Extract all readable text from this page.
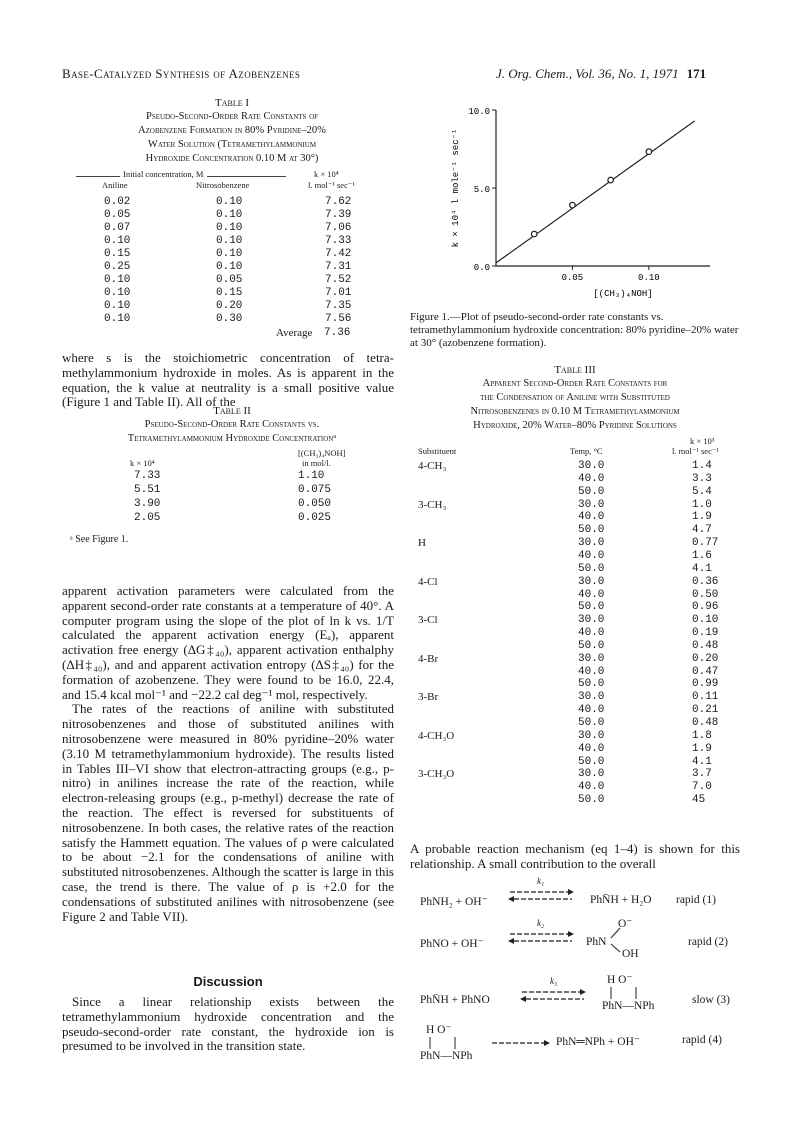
Base-Catalyzed Synthesis of Azobenzenes	J. Org. Chem., Vol. 36, No. 1, 1971 171
Table I
Pseudo-Second-Order Rate Constants of
Azobenzene Formation in 80% Pyridine–20%
Water Solution (Tetramethylammonium
Hydroxide Concentration 0.10 M at 30°)
Initial concentration, M	k × 10⁴
Aniline	Nitrosobenzene	l. mol⁻¹ sec⁻¹
0.02	0.10	7.62
0.05	0.10	7.39
0.07	0.10	7.06
0.10	0.10	7.33
0.15	0.10	7.42
0.25	0.10	7.31
0.10	0.05	7.52
0.10	0.15	7.01
0.10	0.20	7.35
0.10	0.30	7.56
Average 7.36

where s is the stoichiometric concentration of tetramethylammonium hydroxide in moles. As is apparent in the equation, the k value at neutrality is a small positive value (Figure 1 and Table II). All of the

Table II
Pseudo-Second-Order Rate Constants vs.
Tetramethylammonium Hydroxide Concentrationᵃ
[(CH₃)₄NOH]
k × 10⁴	in mol/l.
7.33	1.10
5.51	0.075
3.90	0.050
2.05	0.025
ᵃ See Figure 1.

apparent activation parameters were calculated from the apparent second-order rate constants at a temperature of 40°. A computer program using the slope of the plot of ln k vs. 1/T calculated the apparent activation energy (Eₐ), apparent activation free energy (ΔG‡₄₀), apparent activation enthalphy (ΔH‡₄₀), and and apparent activation entropy (ΔS‡₄₀) for the formation of azobenzene. They were found to be 16.0, 22.4, and 15.4 kcal mol⁻¹ and −22.2 cal deg⁻¹ mol, respectively.

The rates of the reactions of aniline with substituted nitrosobenzenes and those of substituted anilines with nitrosobenzene were measured in 80% pyridine–20% water (3.10 M tetramethylammonium hydroxide). The results listed in Tables III–VI show that electron-attracting groups (e.g., p-nitro) in anilines increase the rate of the reaction, while electron-releasing groups (e.g., p-methyl) decrease the rate of the reaction. The effect is reversed for substituents of nitrosobenzene. In both cases, the relative rates of the reaction satisfy the Hammett equation. The values of ρ were calculated to be about −2.1 for the condensations of aniline with substituted nitrosobenzenes. Although the scatter is large in this case, the trend is there. The value of ρ is +2.0 for the condensations of substituted anilines with nitrosobenzene (see Figure 2 and Table VII).

Discussion
Since a linear relationship exists between the tetramethylammonium hydroxide concentration and the pseudo-second-order rate constant, the hydroxide ion is presumed to be involved in the transition state.
0.0
5.0
10.0
0.05	0.10
[(CH₃)₄NOH]
k × 10⁴ l mole⁻¹ sec⁻¹
Figure 1.—Plot of pseudo-second-order rate constants vs. tetramethylammonium hydroxide concentration: 80% pyridine–20% water at 30° (azobenzene formation).
Table III
Apparent Second-Order Rate Constants for
the Condensation of Aniline with Substituted
Nitrosobenzenes in 0.10 M Tetramethylammonium
Hydroxide, 20% Water–80% Pyridine Solutions
k × 10³
Substituent	Temp, °C	l. mol⁻¹ sec⁻¹
4-CH₃	30.0	1.4
40.0	3.3
50.0	5.4
3-CH₃	30.0	1.0
40.0	1.9
50.0	4.7
H	30.0	0.77
40.0	1.6
50.0	4.1
4-Cl	30.0	0.36
40.0	0.50
50.0	0.96
3-Cl	30.0	0.10
40.0	0.19
50.0	0.48
4-Br	30.0	0.20
40.0	0.47
50.0	0.99
3-Br	30.0	0.11
40.0	0.21
50.0	0.48
4-CH₃O	30.0	1.8
40.0	1.9
50.0	4.1
3-CH₃O	30.0	3.7
40.0	7.0
50.0	45
A probable reaction mechanism (eq 1–4) is shown for this relationship. A small contribution to the overall
PhNH₂ + OH⁻
k₁
PhN̄H + H₂O rapid (1)
PhNO + OH⁻
k₂
PhN
O⁻
OH
rapid (2)
PhN̄H + PhNO
k₃	H O⁻
PhN—NPh	slow (3)
H O⁻
PhN—NPh
→ PhN═NPh + OH⁻	rapid (4)
